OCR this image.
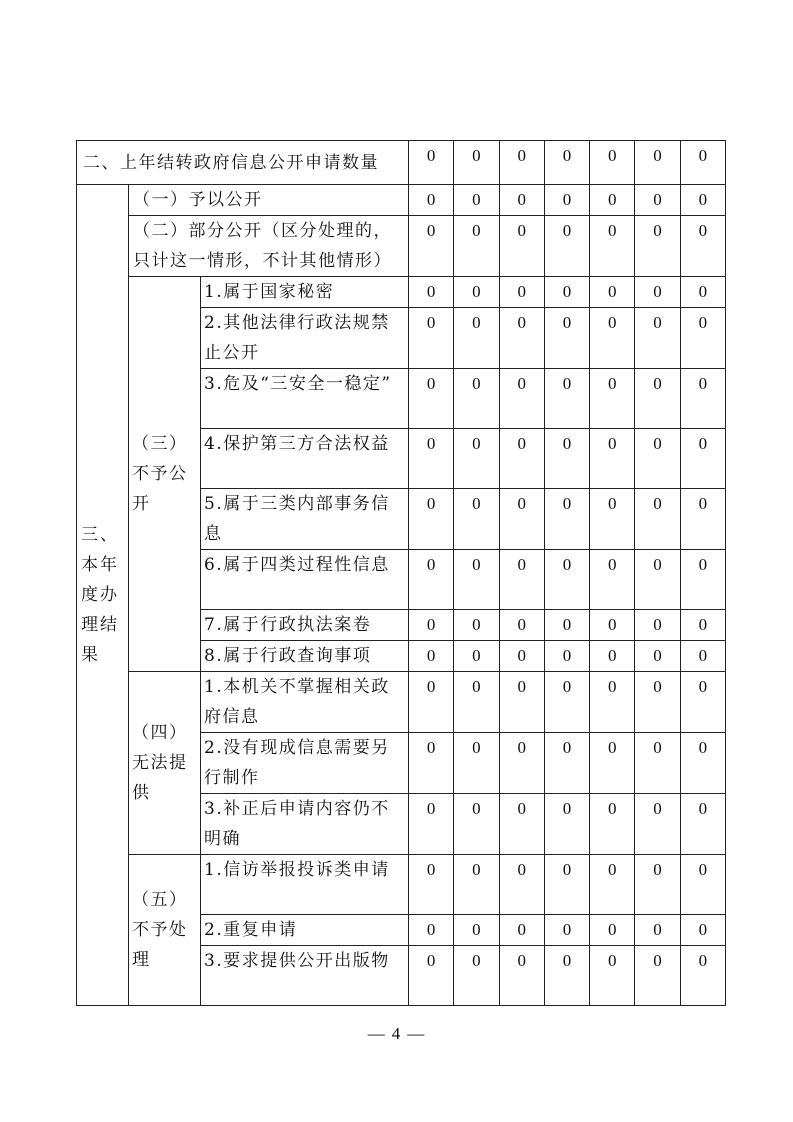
二、上年结转政府信息公开申请数量			0	0	0	0	0	0	0
三、本年度办理结果	（一）予以公开		0	0	0	0	0	0	0
	（二）部分公开（区分处理的，只计这一情形，不计其他情形）		0	0	0	0	0	0	0
	（三）不予公开	1.属于国家秘密	0	0	0	0	0	0	0
		2.其他法律行政法规禁止公开	0	0	0	0	0	0	0
		3.危及“三安全一稳定”	0	0	0	0	0	0	0
		4.保护第三方合法权益	0	0	0	0	0	0	0
		5.属于三类内部事务信息	0	0	0	0	0	0	0
		6.属于四类过程性信息	0	0	0	0	0	0	0
		7.属于行政执法案卷	0	0	0	0	0	0	0
		8.属于行政查询事项	0	0	0	0	0	0	0
	（四）无法提供	1.本机关不掌握相关政府信息	0	0	0	0	0	0	0
		2.没有现成信息需要另行制作	0	0	0	0	0	0	0
		3.补正后申请内容仍不明确	0	0	0	0	0	0	0
	（五）不予处理	1.信访举报投诉类申请	0	0	0	0	0	0	0
		2.重复申请	0	0	0	0	0	0	0
		3.要求提供公开出版物	0	0	0	0	0	0	0
— 4 —
